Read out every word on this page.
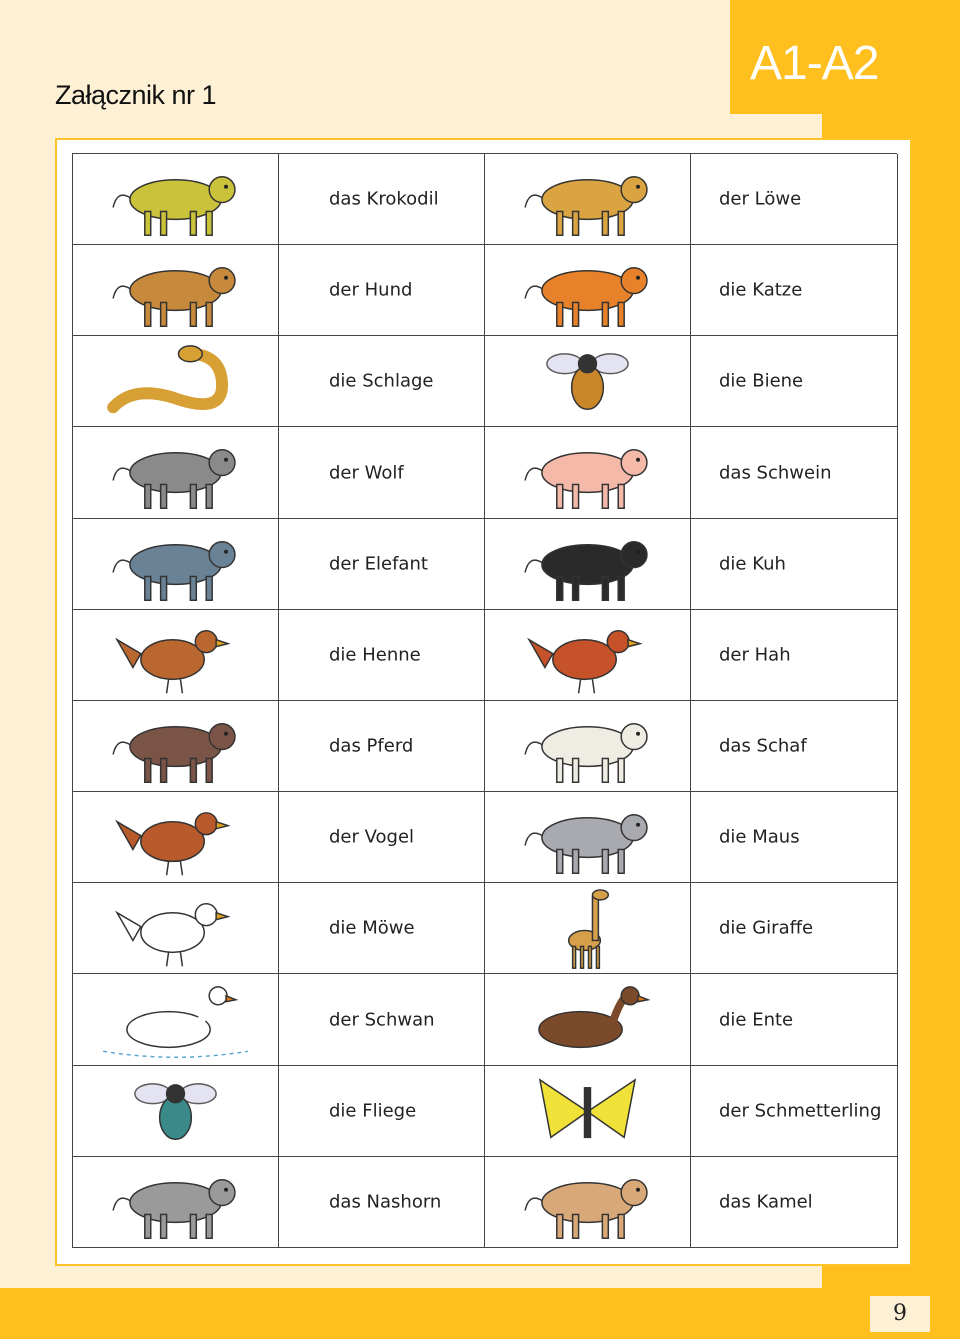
A1-A2
Załącznik nr 1
das Krokodil	der Löwe
der Hund	die Katze
die Schlage	die Biene
der Wolf	das Schwein
der Elefant	die Kuh
die Henne	der Hah
das Pferd	das Schaf
der Vogel	die Maus
die Möwe	die Giraffe
der Schwan	die Ente
die Fliege	der Schmetterling
das Nashorn	das Kamel
9
